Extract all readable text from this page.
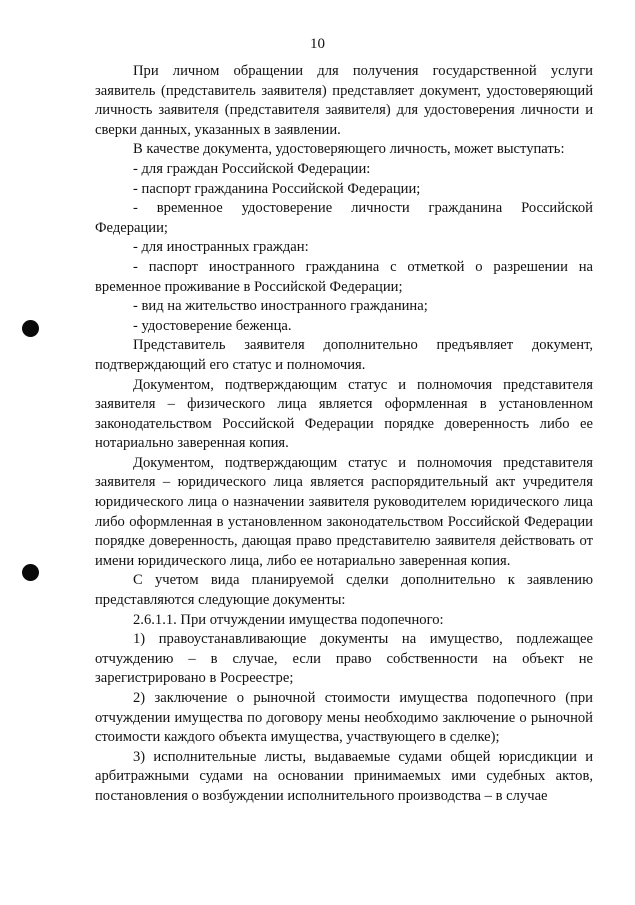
10

При личном обращении для получения государственной услуги заявитель (представитель заявителя) представляет документ, удостоверяющий личность заявителя (представителя заявителя) для удостоверения личности и сверки данных, указанных в заявлении.

В качестве документа, удостоверяющего личность, может выступать:

- для граждан Российской Федерации:

- паспорт гражданина Российской Федерации;

- временное удостоверение личности гражданина Российской Федерации;

- для иностранных граждан:

- паспорт иностранного гражданина с отметкой о разрешении на временное проживание в Российской Федерации;

- вид на жительство иностранного гражданина;

- удостоверение беженца.

Представитель заявителя дополнительно предъявляет документ, подтверждающий его статус и полномочия.

Документом, подтверждающим статус и полномочия представителя заявителя – физического лица является оформленная в установленном законодательством Российской Федерации порядке доверенность либо ее нотариально заверенная копия.

Документом, подтверждающим статус и полномочия представителя заявителя – юридического лица является распорядительный акт учредителя юридического лица о назначении заявителя руководителем юридического лица либо оформленная в установленном законодательством Российской Федерации порядке доверенность, дающая право представителю заявителя действовать от имени юридического лица, либо ее нотариально заверенная копия.

С учетом вида планируемой сделки дополнительно к заявлению представляются следующие документы:

2.6.1.1. При отчуждении имущества подопечного:

1) правоустанавливающие документы на имущество, подлежащее отчуждению – в случае, если право собственности на объект не зарегистрировано в Росреестре;

2) заключение о рыночной стоимости имущества подопечного (при отчуждении имущества по договору мены необходимо заключение о рыночной стоимости каждого объекта имущества, участвующего в сделке);

3) исполнительные листы, выдаваемые судами общей юрисдикции и арбитражными судами на основании принимаемых ими судебных актов, постановления о возбуждении исполнительного производства – в случае
